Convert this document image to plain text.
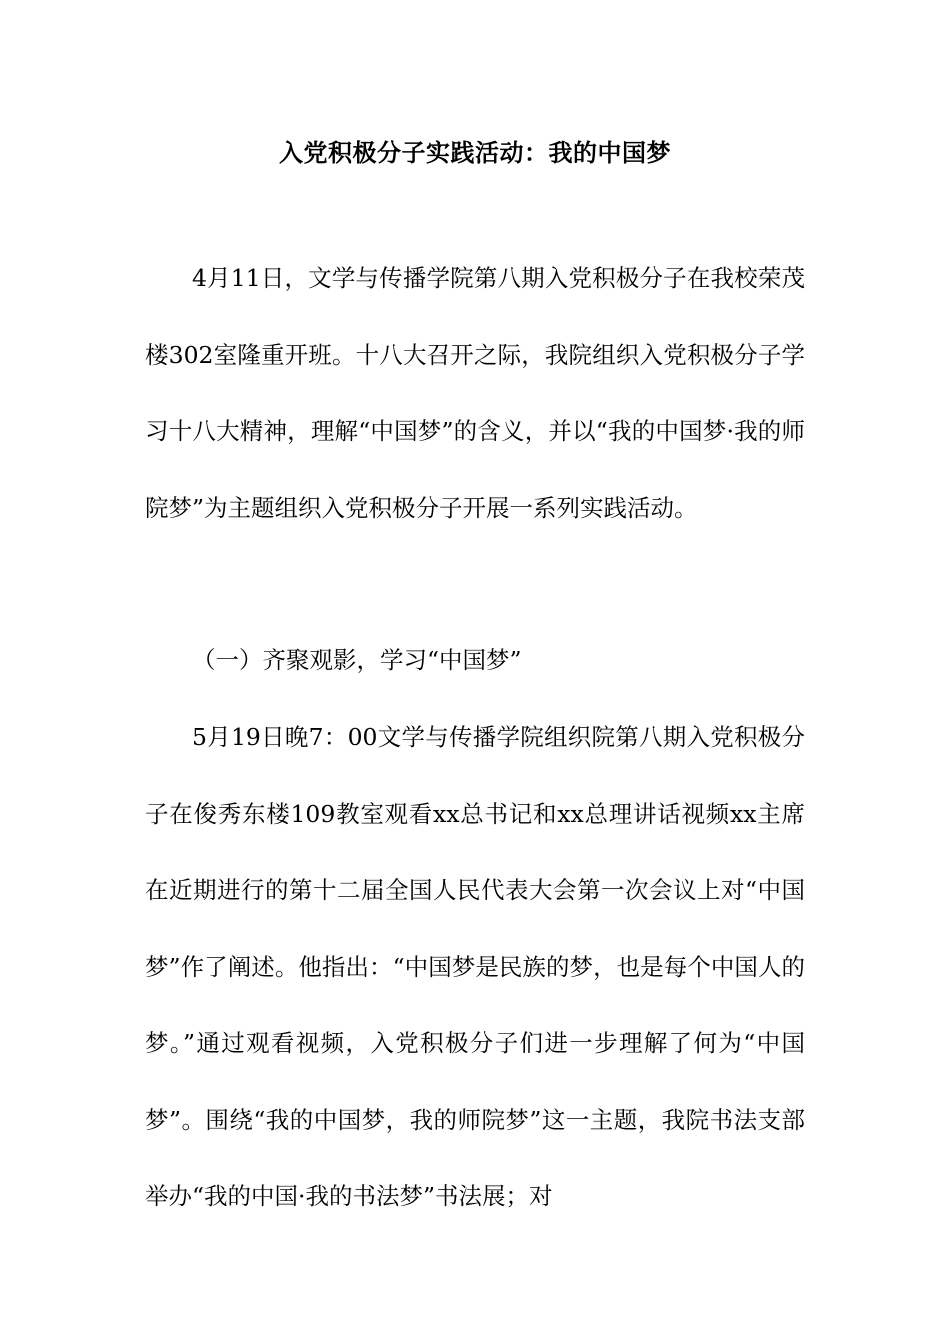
入党积极分子实践活动：我的中国梦

4月11日，文学与传播学院第八期入党积极分子在我校荣茂楼302室隆重开班。十八大召开之际，我院组织入党积极分子学习十八大精神，理解“中国梦”的含义，并以“我的中国梦·我的师院梦”为主题组织入党积极分子开展一系列实践活动。

（一）齐聚观影，学习“中国梦”

5月19日晚7：00文学与传播学院组织院第八期入党积极分子在俊秀东楼109教室观看xx总书记和xx总理讲话视频xx主席在近期进行的第十二届全国人民代表大会第一次会议上对“中国梦”作了阐述。他指出：“中国梦是民族的梦，也是每个中国人的梦。”通过观看视频，入党积极分子们进一步理解了何为“中国梦”。围绕“我的中国梦，我的师院梦”这一主题，我院书法支部举办“我的中国·我的书法梦”书法展；对
